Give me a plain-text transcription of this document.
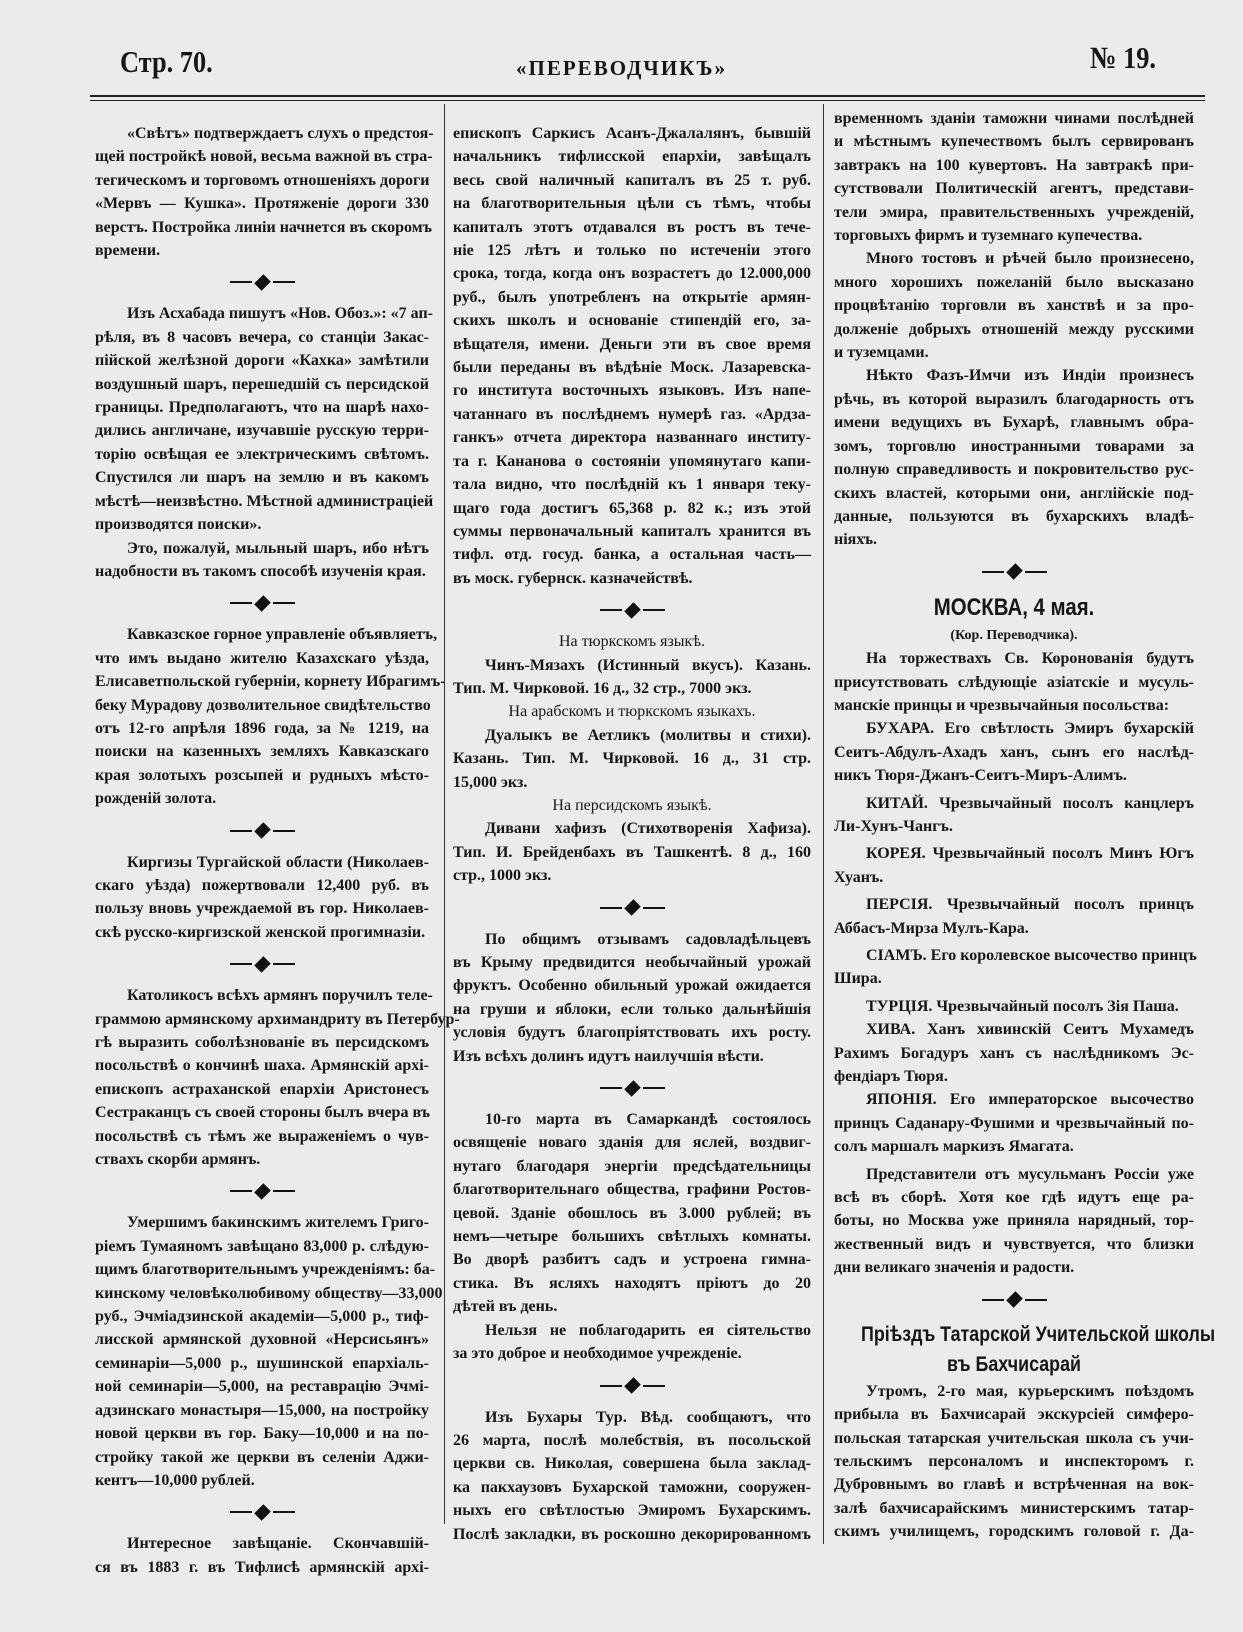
Стр. 70.	«ПЕРЕВОДЧИКЪ»	№ 19.
«Свѣтъ» подтверждаетъ слухъ о предстоя-
щей постройкѣ новой, весьма важной въ стра-
тегическомъ и торговомъ отношеніяхъ дороги
«Мервъ — Кушка». Протяженіе дороги 330
верстъ. Постройка линіи начнется въ скоромъ
времени.
Изъ Асхабада пишутъ «Нов. Обоз.»: «7 ап-
рѣля, въ 8 часовъ вечера, со станціи Закас-
пійской желѣзной дороги «Кахка» замѣтили
воздушный шаръ, перешедшій съ персидской
границы. Предполагаютъ, что на шарѣ нахо-
дились англичане, изучавшіе русскую терри-
торію освѣщая ее электрическимъ свѣтомъ.
Спустился ли шаръ на землю и въ какомъ
мѣстѣ—неизвѣстно. Мѣстной администраціей
производятся поиски».
Это, пожалуй, мыльный шаръ, ибо нѣтъ
надобности въ такомъ способѣ изученія края.
Кавказское горное управленіе объявляетъ,
что имъ выдано жителю Казахскаго уѣзда,
Елисаветпольской губерніи, корнету Ибрагимъ-
беку Мурадову дозволительное свидѣтельство
отъ 12-го апрѣля 1896 года, за № 1219, на
поиски на казенныхъ земляхъ Кавказскаго
края золотыхъ розсыпей и рудныхъ мѣсто-
рожденій золота.
Киргизы Тургайской области (Николаев-
скаго уѣзда) пожертвовали 12,400 руб. въ
пользу вновь учреждаемой въ гор. Николаев-
скѣ русско-киргизской женской прогимназіи.
Католикосъ всѣхъ армянъ поручилъ теле-
граммою армянскому архимандриту въ Петербур-
гѣ выразить соболѣзнованіе въ персидскомъ
посольствѣ о кончинѣ шаха. Армянскій архі-
епископъ астраханской епархіи Аристонесъ
Сестраканцъ съ своей стороны былъ вчера въ
посольствѣ съ тѣмъ же выраженіемъ о чув-
ствахъ скорби армянъ.
Умершимъ бакинскимъ жителемъ Григо-
ріемъ Тумаяномъ завѣщано 83,000 р. слѣдую-
щимъ благотворительнымъ учрежденіямъ: ба-
кинскому человѣколюбивому обществу—33,000
руб., Эчміадзинской академіи—5,000 р., тиф-
лисской армянской духовной «Нерсисьянъ»
семинаріи—5,000 р., шушинской епархіаль-
ной семинаріи—5,000, на реставрацію Эчмі-
адзинскаго монастыря—15,000, на постройку
новой церкви въ гор. Баку—10,000 и на по-
стройку такой же церкви въ селеніи Аджи-
кентъ—10,000 рублей.
Интересное завѣщаніе. Скончавшій-
ся въ 1883 г. въ Тифлисѣ армянскій архі-
епископъ Саркисъ Асанъ-Джалалянъ, бывшій
начальникъ тифлисской епархіи, завѣщалъ
весь свой наличный капиталъ въ 25 т. руб.
на благотворительныя цѣли съ тѣмъ, чтобы
капиталъ этотъ отдавался въ ростъ въ тече-
ніе 125 лѣтъ и только по истеченіи этого
срока, тогда, когда онъ возрастетъ до 12.000,000
руб., былъ употребленъ на открытіе армян-
скихъ школъ и основаніе стипендій его, за-
вѣщателя, имени. Деньги эти въ свое время
были переданы въ вѣдѣніе Моск. Лазаревска-
го института восточныхъ языковъ. Изъ напе-
чатаннаго въ послѣднемъ нумерѣ газ. «Ардза-
ганкъ» отчета директора названнаго институ-
та г. Кананова о состояніи упомянутаго капи-
тала видно, что послѣдній къ 1 января теку-
щаго года достигъ 65,368 р. 82 к.; изъ этой
суммы первоначальный капиталъ хранится въ
тифл. отд. госуд. банка, а остальная часть—
въ моск. губернск. казначействѣ.
На тюркскомъ языкѣ.
Чинъ-Мязахъ (Истинный вкусъ). Казань.
Тип. М. Чирковой. 16 д., 32 стр., 7000 экз.
На арабскомъ и тюркскомъ языкахъ.
Дуалыкъ ве Аетликъ (молитвы и стихи).
Казань. Тип. М. Чирковой. 16 д., 31 стр.
15,000 экз.
На персидскомъ языкѣ.
Дивани хафизъ (Стихотворенія Хафиза).
Тип. И. Брейденбахъ въ Ташкентѣ. 8 д., 160
стр., 1000 экз.
По общимъ отзывамъ садовладѣльцевъ
въ Крыму предвидится необычайный урожай
фруктъ. Особенно обильный урожай ожидается
на груши и яблоки, если только дальнѣйшія
условія будутъ благопріятствовать ихъ росту.
Изъ всѣхъ долинъ идутъ наилучшія вѣсти.
10-го марта въ Самаркандѣ состоялось
освященіе новаго зданія для яслей, воздвиг-
нутаго благодаря энергіи предсѣдательницы
благотворительнаго общества, графини Ростов-
цевой. Зданіе обошлось въ 3.000 рублей; въ
немъ—четыре большихъ свѣтлыхъ комнаты.
Во дворѣ разбитъ садъ и устроена гимна-
стика. Въ ясляхъ находятъ пріютъ до 20
дѣтей въ день.
Нельзя не поблагодарить ея сіятельство
за это доброе и необходимое учрежденіе.
Изъ Бухары Тур. Вѣд. сообщаютъ, что
26 марта, послѣ молебствія, въ посольской
церкви св. Николая, совершена была заклад-
ка пакхаузовъ Бухарской таможни, сооружен-
ныхъ его свѣтлостью Эмиромъ Бухарскимъ.
Послѣ закладки, въ роскошно декорированномъ
временномъ зданіи таможни чинами послѣдней
и мѣстнымъ купечествомъ былъ сервированъ
завтракъ на 100 кувертовъ. На завтракѣ при-
сутствовали Политическій агентъ, представи-
тели эмира, правительственныхъ учрежденій,
торговыхъ фирмъ и туземнаго купечества.
Много тостовъ и рѣчей было произнесено,
много хорошихъ пожеланій было высказано
процвѣтанію торговли въ ханствѣ и за про-
долженіе добрыхъ отношеній между русскими
и туземцами.
Нѣкто Фазъ-Имчи изъ Индіи произнесъ
рѣчь, въ которой выразилъ благодарность отъ
имени ведущихъ въ Бухарѣ, главнымъ обра-
зомъ, торговлю иностранными товарами за
полную справедливость и покровительство рус-
скихъ властей, которыми они, англійскіе под-
данные, пользуются въ бухарскихъ владѣ-
ніяхъ.
МОСКВА, 4 мая.
(Кор. Переводчика).
На торжествахъ Св. Коронованія будутъ
присутствовать слѣдующіе азіатскіе и мусуль-
манскіе принцы и чрезвычайныя посольства:
БУХАРА. Его свѣтлость Эмиръ бухарскій
Сеитъ-Абдулъ-Ахадъ ханъ, сынъ его наслѣд-
никъ Тюря-Джанъ-Сеитъ-Миръ-Алимъ.
КИТАЙ. Чрезвычайный посолъ канцлеръ
Ли-Хунъ-Чангъ.
КОРЕЯ. Чрезвычайный посолъ Минъ Югъ
Хуанъ.
ПЕРСІЯ. Чрезвычайный посолъ принцъ
Аббасъ-Мирза Мулъ-Кара.
СІАМЪ. Его королевское высочество принцъ
Шира.
ТУРЦІЯ. Чрезвычайный посолъ Зія Паша.
ХИВА. Ханъ хивинскій Сеитъ Мухамедъ
Рахимъ Богадуръ ханъ съ наслѣдникомъ Эс-
фендіаръ Тюря.
ЯПОНІЯ. Его императорское высочество
принцъ Саданару-Фушими и чрезвычайный по-
солъ маршалъ маркизъ Ямагата.
Представители отъ мусульманъ Россіи уже
всѣ въ сборѣ. Хотя кое гдѣ идутъ еще ра-
боты, но Москва уже приняла нарядный, тор-
жественный видъ и чувствуется, что близки
дни великаго значенія и радости.
Пріѣздъ Татарской Учительской школы
въ Бахчисарай
Утромъ, 2-го мая, курьерскимъ поѣздомъ
прибыла въ Бахчисарай экскурсіей симферо-
польская татарская учительская школа съ учи-
тельскимъ персоналомъ и инспекторомъ г.
Дубровнымъ во главѣ и встрѣченная на вок-
залѣ бахчисарайскимъ министерскимъ татар-
скимъ училищемъ, городскимъ головой г. Да-
